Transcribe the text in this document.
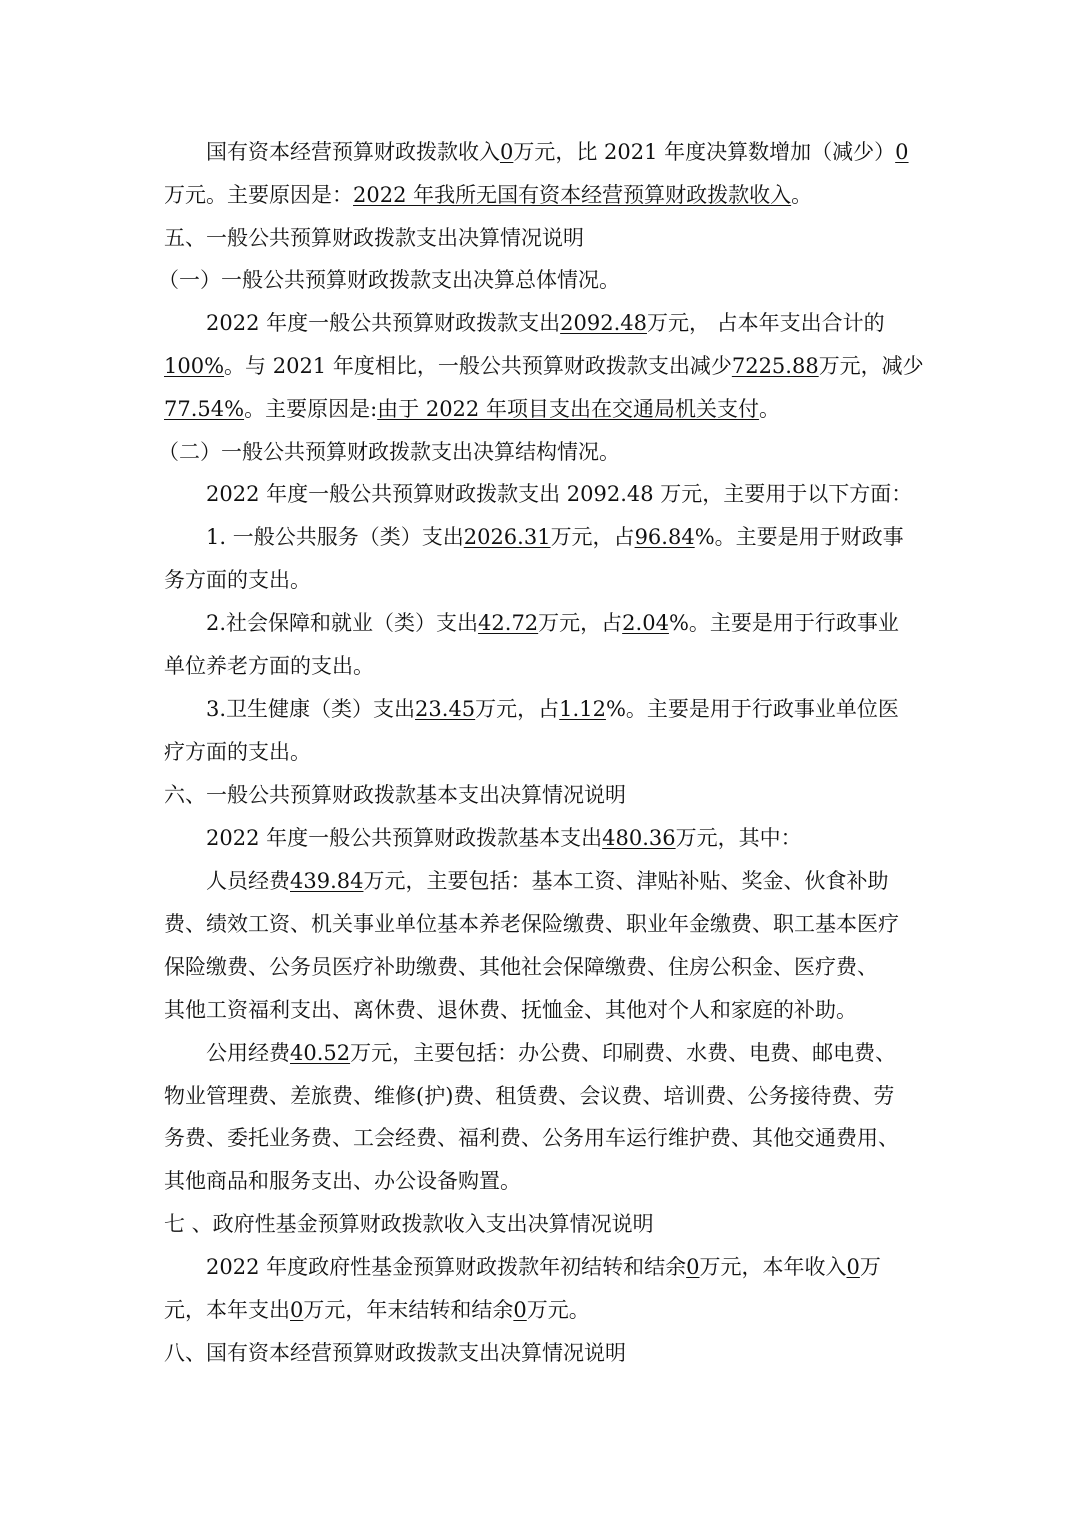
国有资本经营预算财政拨款收入0万元，比 2021 年度决算数增加（减少）0
万元。主要原因是：2022 年我所无国有资本经营预算财政拨款收入。
五、一般公共预算财政拨款支出决算情况说明
（一）一般公共预算财政拨款支出决算总体情况。
2022 年度一般公共预算财政拨款支出2092.48万元， 占本年支出合计的
100%。与 2021 年度相比，一般公共预算财政拨款支出减少7225.88万元，减少
77.54%。主要原因是:由于 2022 年项目支出在交通局机关支付。
（二）一般公共预算财政拨款支出决算结构情况。
2022 年度一般公共预算财政拨款支出 2092.48 万元，主要用于以下方面：
1. 一般公共服务（类）支出2026.31万元，占96.84%。主要是用于财政事
务方面的支出。
2.社会保障和就业（类）支出42.72万元，占2.04%。主要是用于行政事业
单位养老方面的支出。
3.卫生健康（类）支出23.45万元，占1.12%。主要是用于行政事业单位医
疗方面的支出。
六、一般公共预算财政拨款基本支出决算情况说明
2022 年度一般公共预算财政拨款基本支出480.36万元，其中：
人员经费439.84万元，主要包括：基本工资、津贴补贴、奖金、伙食补助
费、绩效工资、机关事业单位基本养老保险缴费、职业年金缴费、职工基本医疗
保险缴费、公务员医疗补助缴费、其他社会保障缴费、住房公积金、医疗费、
其他工资福利支出、离休费、退休费、抚恤金、其他对个人和家庭的补助。
公用经费40.52万元，主要包括：办公费、印刷费、水费、电费、邮电费、
物业管理费、差旅费、维修(护)费、租赁费、会议费、培训费、公务接待费、劳
务费、委托业务费、工会经费、福利费、公务用车运行维护费、其他交通费用、
其他商品和服务支出、办公设备购置。
七 、政府性基金预算财政拨款收入支出决算情况说明
2022 年度政府性基金预算财政拨款年初结转和结余0万元，本年收入0万
元，本年支出0万元，年末结转和结余0万元。
八、国有资本经营预算财政拨款支出决算情况说明
